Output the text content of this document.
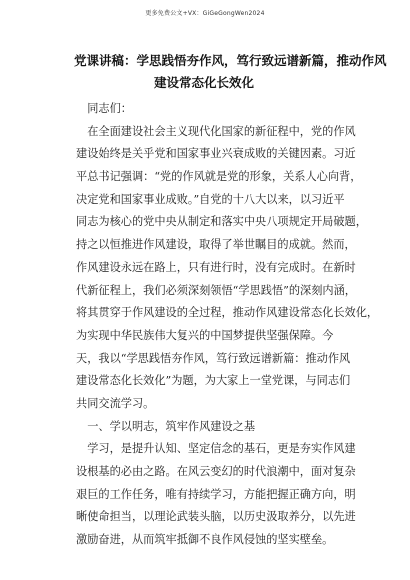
更多免费公文+VX：GiGeGongWen2024
党课讲稿：学思践悟夯作风，笃行致远谱新篇，推动作风
建设常态化长效化
　同志们：
　在全面建设社会主义现代化国家的新征程中，党的作风
建设始终是关乎党和国家事业兴衰成败的关键因素。习近
平总书记强调：“党的作风就是党的形象，关系人心向背，
决定党和国家事业成败。”自党的十八大以来，以习近平
同志为核心的党中央从制定和落实中央八项规定开局破题，
持之以恒推进作风建设，取得了举世瞩目的成就。然而，
作风建设永远在路上，只有进行时，没有完成时。在新时
代新征程上，我们必须深刻领悟“学思践悟”的深刻内涵，
将其贯穿于作风建设的全过程，推动作风建设常态化长效化，
为实现中华民族伟大复兴的中国梦提供坚强保障。今
天，我以“学思践悟夯作风，笃行致远谱新篇：推动作风
建设常态化长效化”为题，为大家上一堂党课，与同志们
共同交流学习。
　一、学以明志，筑牢作风建设之基
　学习，是提升认知、坚定信念的基石，更是夯实作风建
设根基的必由之路。在风云变幻的时代浪潮中，面对复杂
艰巨的工作任务，唯有持续学习，方能把握正确方向，明
晰使命担当，以理论武装头脑，以历史汲取养分，以先进
激励奋进，从而筑牢抵御不良作风侵蚀的坚实壁垒。
